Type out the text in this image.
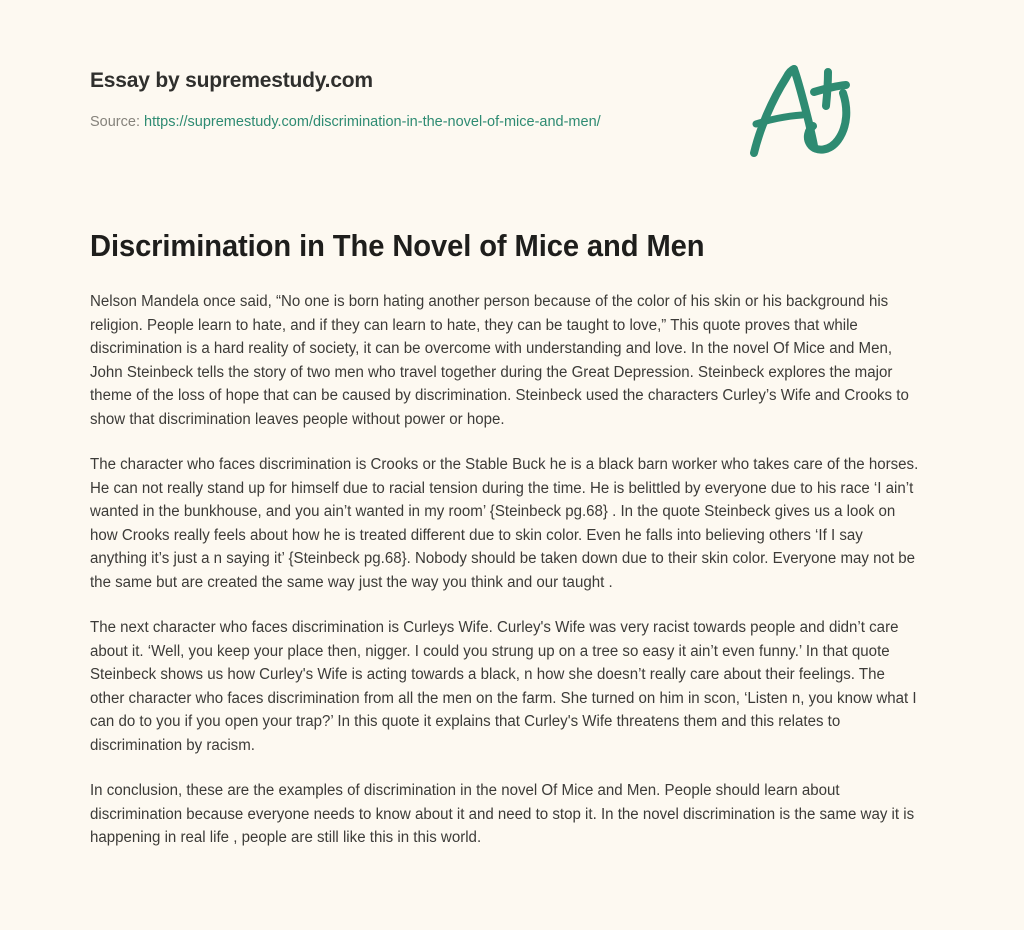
Essay by supremestudy.com

Source: https://supremestudy.com/discrimination-in-the-novel-of-mice-and-men/
Discrimination in The Novel of Mice and Men

Nelson Mandela once said, “No one is born hating another person because of the color of his skin or his background his religion. People learn to hate, and if they can learn to hate, they can be taught to love,” This quote proves that while discrimination is a hard reality of society, it can be overcome with understanding and love. In the novel Of Mice and Men, John Steinbeck tells the story of two men who travel together during the Great Depression. Steinbeck explores the major theme of the loss of hope that can be caused by discrimination. Steinbeck used the characters Curley’s Wife and Crooks to show that discrimination leaves people without power or hope.

The character who faces discrimination is Crooks or the Stable Buck he is a black barn worker who takes care of the horses. He can not really stand up for himself due to racial tension during the time. He is belittled by everyone due to his race ‘I ain’t wanted in the bunkhouse, and you ain’t wanted in my room’ {Steinbeck pg.68} . In the quote Steinbeck gives us a look on how Crooks really feels about how he is treated different due to skin color. Even he falls into believing others ‘If I say anything it’s just a n saying it’ {Steinbeck pg.68}. Nobody should be taken down due to their skin color. Everyone may not be the same but are created the same way just the way you think and our taught .

The next character who faces discrimination is Curleys Wife. Curley's Wife was very racist towards people and didn’t care about it. ‘Well, you keep your place then, nigger. I could you strung up on a tree so easy it ain’t even funny.’ In that quote Steinbeck shows us how Curley's Wife is acting towards a black, n how she doesn’t really care about their feelings. The other character who faces discrimination from all the men on the farm. She turned on him in scon, ‘Listen n, you know what I can do to you if you open your trap?’ In this quote it explains that Curley's Wife threatens them and this relates to discrimination by racism.

In conclusion, these are the examples of discrimination in the novel Of Mice and Men. People should learn about discrimination because everyone needs to know about it and need to stop it. In the novel discrimination is the same way it is happening in real life , people are still like this in this world.
